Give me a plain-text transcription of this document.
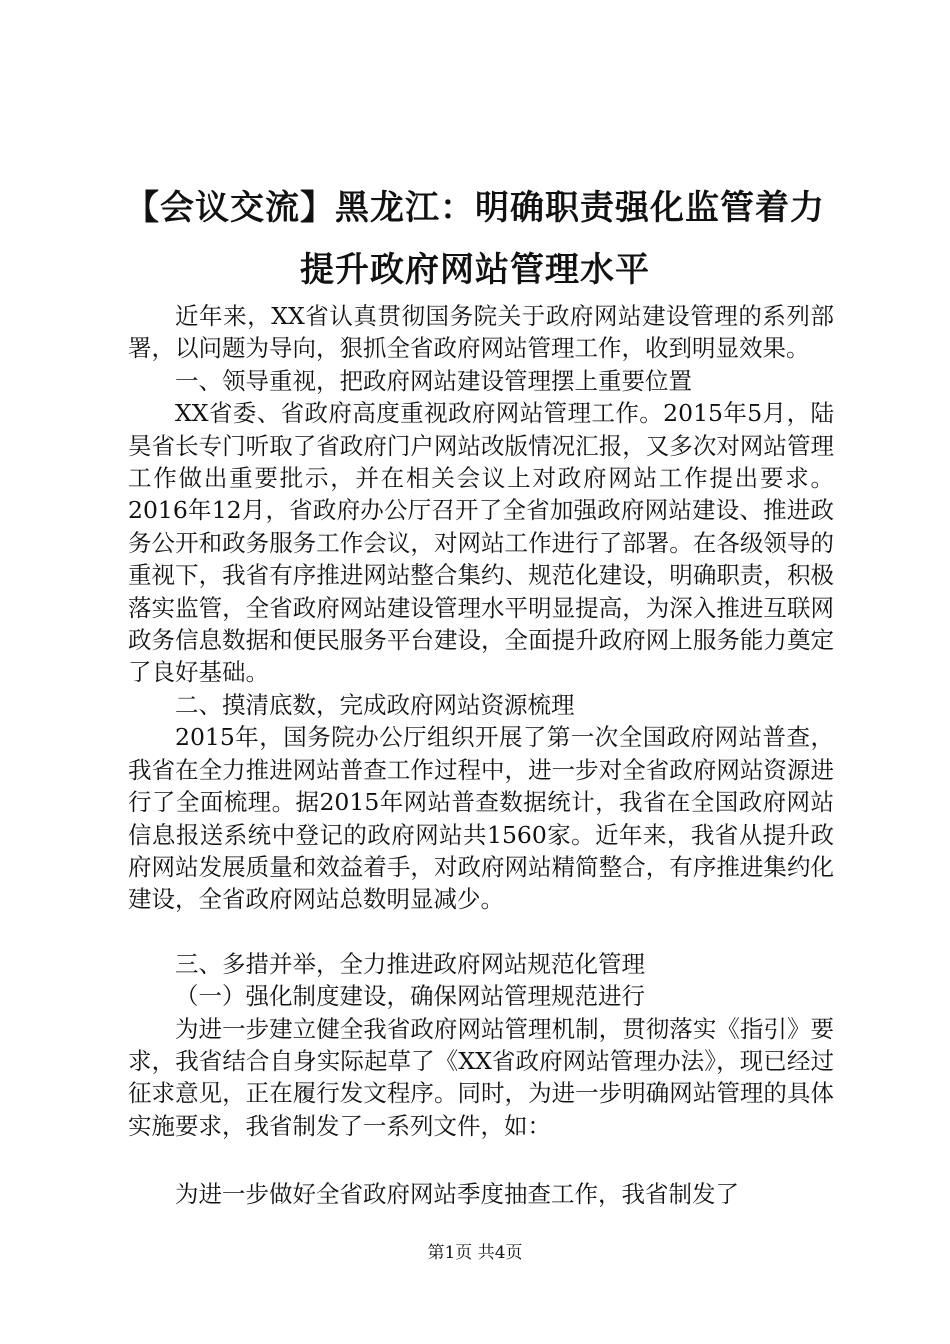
【会议交流】黑龙江：明确职责强化监管着力
提升政府网站管理水平

近年来，XX省认真贯彻国务院关于政府网站建设管理的系列部署，以问题为导向，狠抓全省政府网站管理工作，收到明显效果。

一、领导重视，把政府网站建设管理摆上重要位置

XX省委、省政府高度重视政府网站管理工作。2015年5月，陆昊省长专门听取了省政府门户网站改版情况汇报，又多次对网站管理工作做出重要批示，并在相关会议上对政府网站工作提出要求。2016年12月，省政府办公厅召开了全省加强政府网站建设、推进政务公开和政务服务工作会议，对网站工作进行了部署。在各级领导的重视下，我省有序推进网站整合集约、规范化建设，明确职责，积极落实监管，全省政府网站建设管理水平明显提高，为深入推进互联网政务信息数据和便民服务平台建设，全面提升政府网上服务能力奠定了良好基础。

二、摸清底数，完成政府网站资源梳理

2015年，国务院办公厅组织开展了第一次全国政府网站普查，我省在全力推进网站普查工作过程中，进一步对全省政府网站资源进行了全面梳理。据2015年网站普查数据统计，我省在全国政府网站信息报送系统中登记的政府网站共1560家。近年来，我省从提升政府网站发展质量和效益着手，对政府网站精简整合，有序推进集约化建设，全省政府网站总数明显减少。

三、多措并举，全力推进政府网站规范化管理

（一）强化制度建设，确保网站管理规范进行

为进一步建立健全我省政府网站管理机制，贯彻落实《指引》要求，我省结合自身实际起草了《XX省政府网站管理办法》，现已经过征求意见，正在履行发文程序。同时，为进一步明确网站管理的具体实施要求，我省制发了一系列文件，如：

为进一步做好全省政府网站季度抽查工作，我省制发了

第1页 共4页
